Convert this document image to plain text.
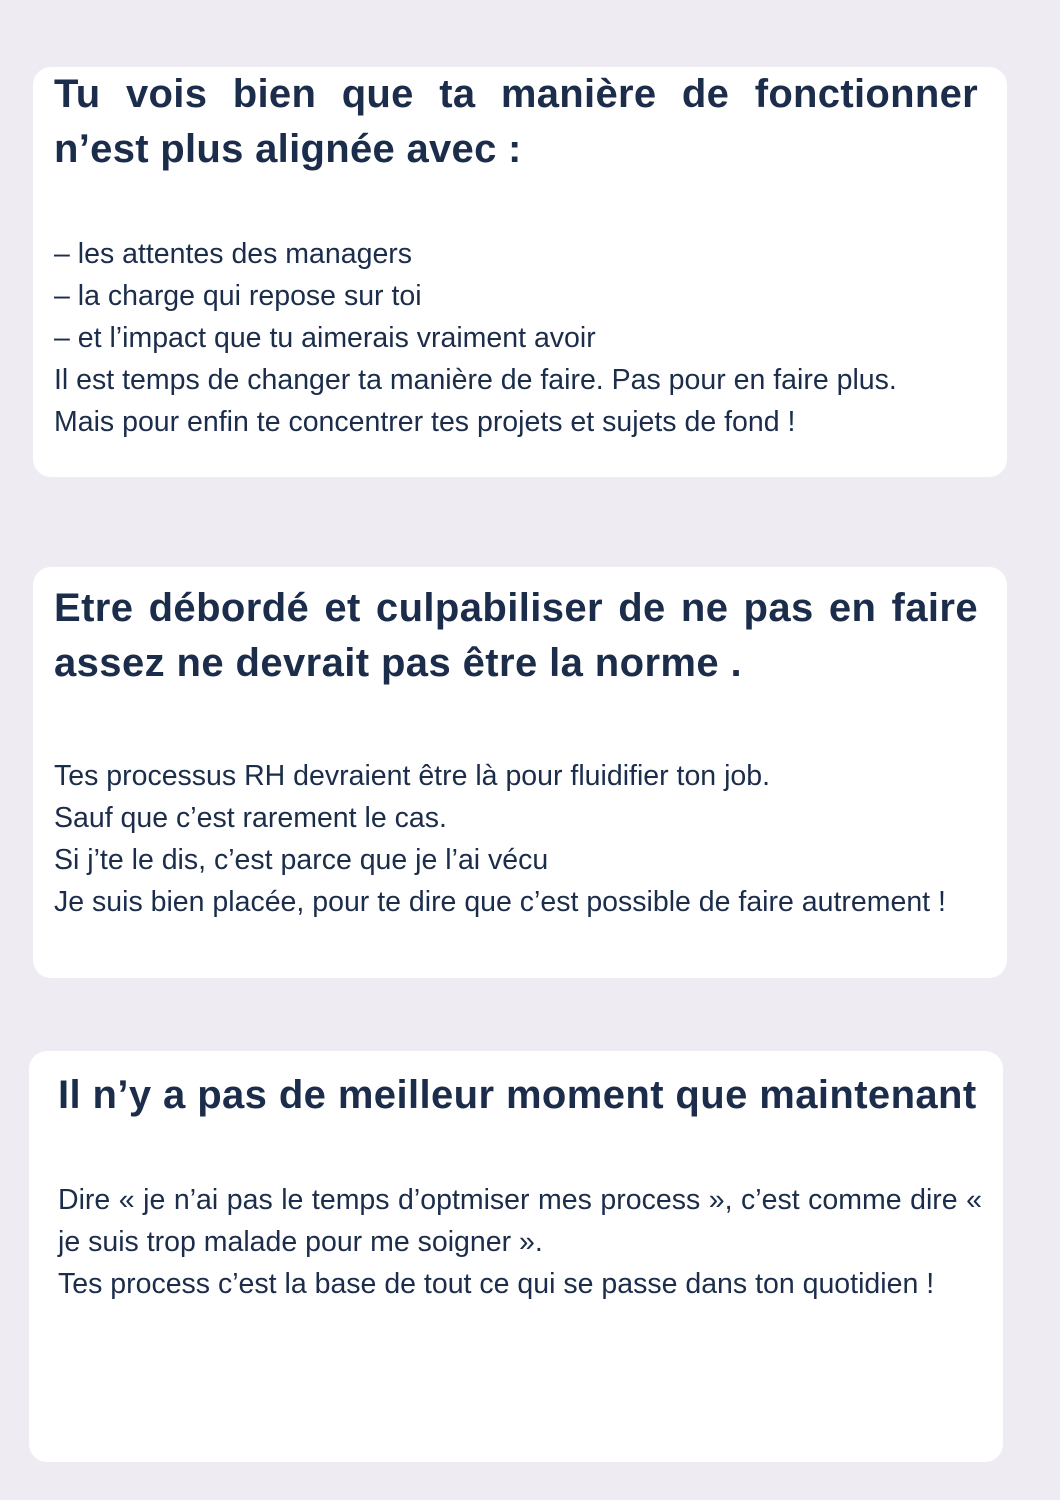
Tu vois bien que ta manière de fonctionner n’est plus alignée avec :
– les attentes des managers
– la charge qui repose sur toi
– et l’impact que tu aimerais vraiment avoir
Il est temps de changer ta manière de faire. Pas pour en faire plus.
Mais pour enfin te concentrer tes projets et sujets de fond !
Etre débordé et culpabiliser de ne pas en faire assez ne devrait pas être la norme .
Tes processus RH devraient être là pour fluidifier ton job.
Sauf que c’est rarement le cas.
Si j’te le dis, c’est parce que je l’ai vécu
Je suis bien placée, pour te dire que c’est possible de faire autrement !
Il n’y a pas de meilleur moment que maintenant
Dire « je n’ai pas le temps d’optmiser mes process », c’est comme dire « je suis trop malade pour me soigner ».
Tes process c’est la base de tout ce qui se passe dans ton quotidien !
